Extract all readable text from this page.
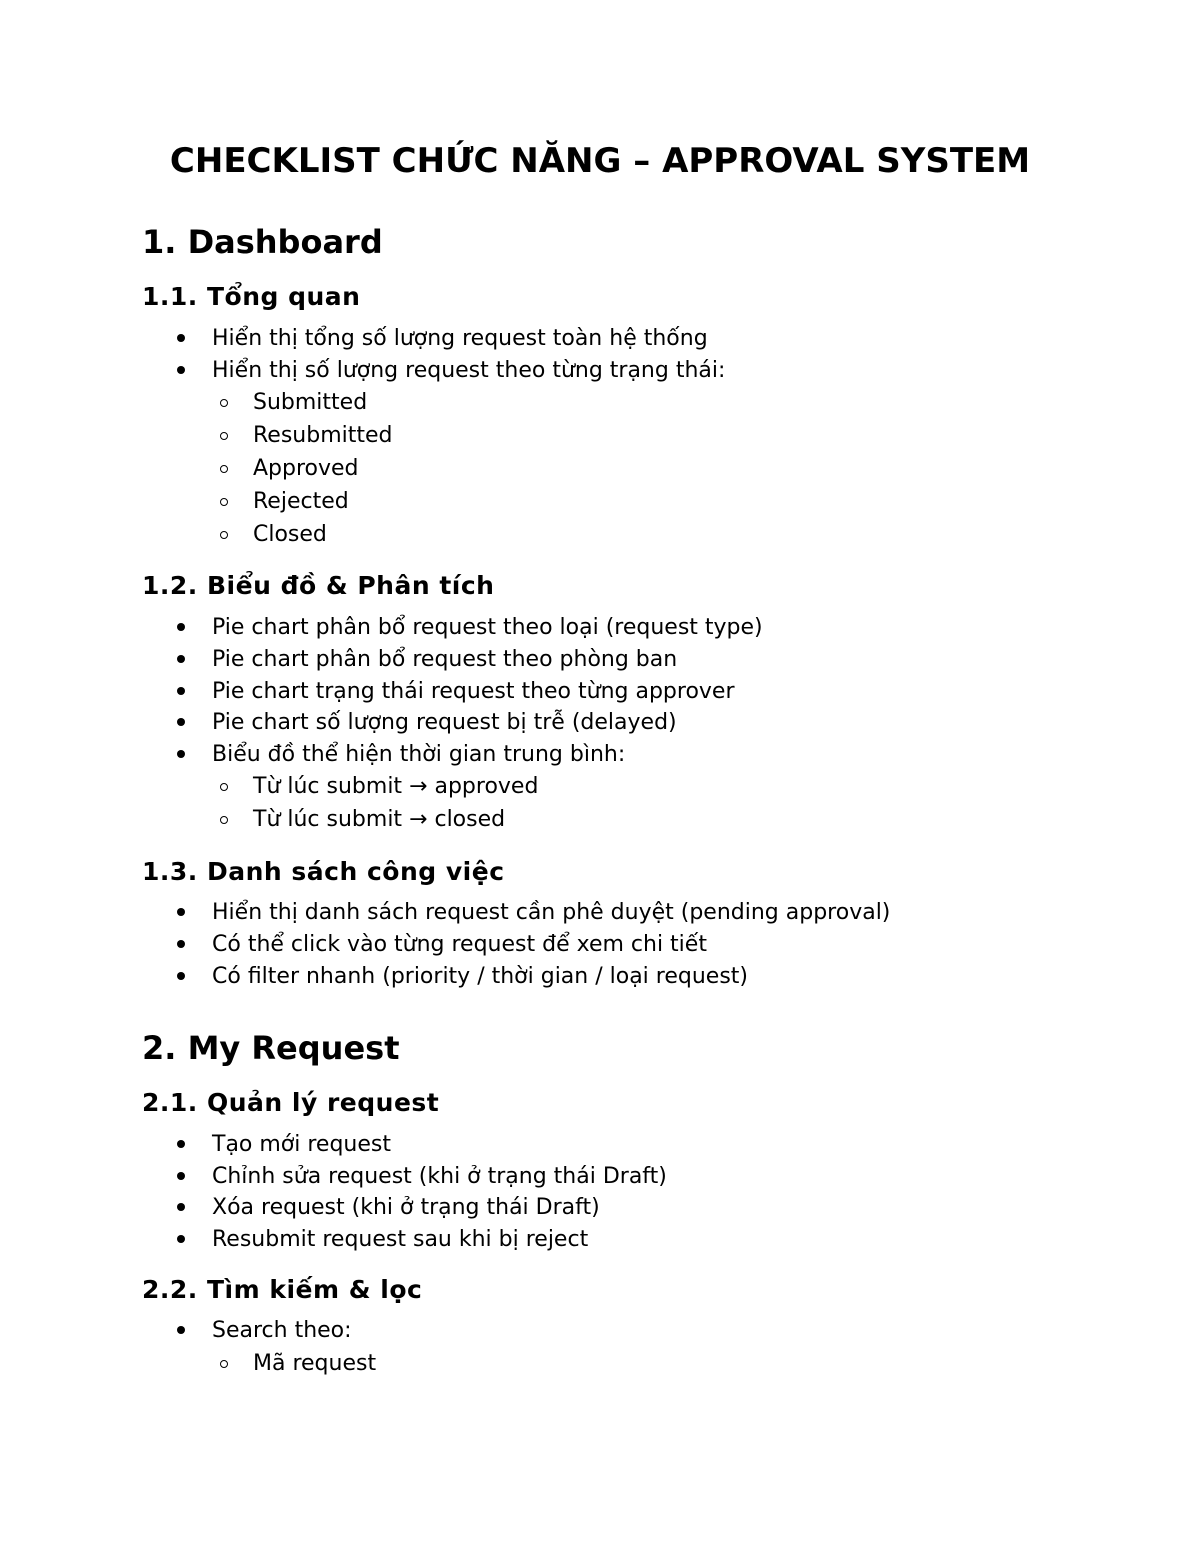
CHECKLIST CHỨC NĂNG – APPROVAL SYSTEM
1. Dashboard
1.1. Tổng quan

Hiển thị tổng số lượng request toàn hệ thống

Hiển thị số lượng request theo từng trạng thái:

Submitted

Resubmitted

Approved

Rejected

Closed

1.2. Biểu đồ & Phân tích

Pie chart phân bổ request theo loại (request type)

Pie chart phân bổ request theo phòng ban

Pie chart trạng thái request theo từng approver

Pie chart số lượng request bị trễ (delayed)

Biểu đồ thể hiện thời gian trung bình:

Từ lúc submit → approved

Từ lúc submit → closed

1.3. Danh sách công việc

Hiển thị danh sách request cần phê duyệt (pending approval)

Có thể click vào từng request để xem chi tiết

Có filter nhanh (priority / thời gian / loại request)

2. My Request
2.1. Quản lý request

Tạo mới request

Chỉnh sửa request (khi ở trạng thái Draft)

Xóa request (khi ở trạng thái Draft)

Resubmit request sau khi bị reject

2.2. Tìm kiếm & lọc

Search theo:

Mã request
